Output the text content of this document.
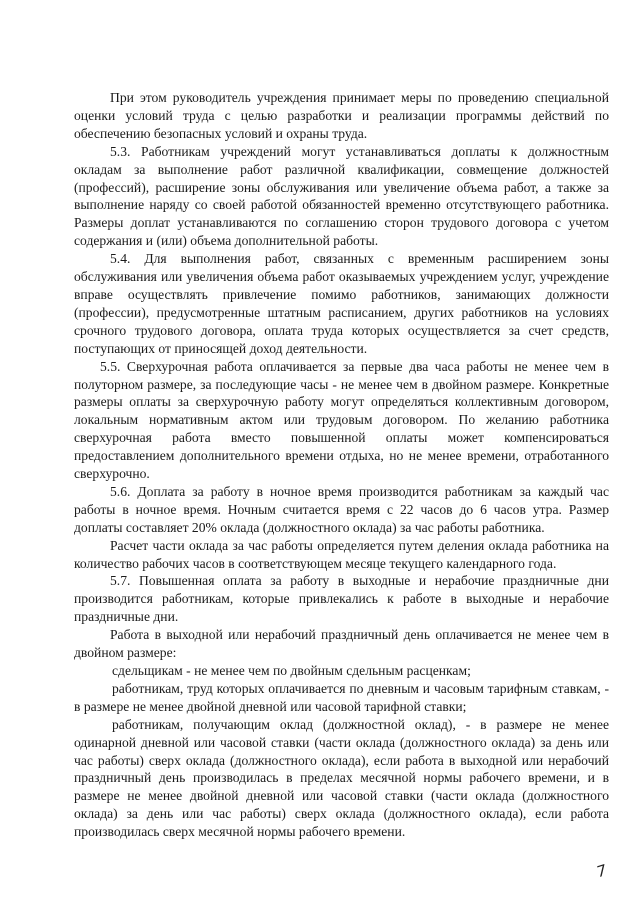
При этом руководитель учреждения принимает меры по проведению специальной оценки условий труда с целью разработки и реализации программы действий по обеспечению безопасных условий и охраны труда.

5.3. Работникам учреждений могут устанавливаться доплаты к должностным окладам за выполнение работ различной квалификации, совмещение должностей (профессий), расширение зоны обслуживания или увеличение объема работ, а также за выполнение наряду со своей работой обязанностей временно отсутствующего работника. Размеры доплат устанавливаются по соглашению сторон трудового договора с учетом содержания и (или) объема дополнительной работы.

5.4. Для выполнения работ, связанных с временным расширением зоны обслуживания или увеличения объема работ оказываемых учреждением услуг, учреждение вправе осуществлять привлечение помимо работников, занимающих должности (профессии), предусмотренные штатным расписанием, других работников на условиях срочного трудового договора, оплата труда которых осуществляется за счет средств, поступающих от приносящей доход деятельности.

5.5. Сверхурочная работа оплачивается за первые два часа работы не менее чем в полуторном размере, за последующие часы - не менее чем в двойном размере. Конкретные размеры оплаты за сверхурочную работу могут определяться коллективным договором, локальным нормативным актом или трудовым договором. По желанию работника сверхурочная работа вместо повышенной оплаты может компенсироваться предоставлением дополнительного времени отдыха, но не менее времени, отработанного сверхурочно.

5.6. Доплата за работу в ночное время производится работникам за каждый час работы в ночное время. Ночным считается время с 22 часов до 6 часов утра. Размер доплаты составляет 20% оклада (должностного оклада) за час работы работника.

Расчет части оклада за час работы определяется путем деления оклада работника на количество рабочих часов в соответствующем месяце текущего календарного года.

5.7. Повышенная оплата за работу в выходные и нерабочие праздничные дни производится работникам, которые привлекались к работе в выходные и нерабочие праздничные дни.

Работа в выходной или нерабочий праздничный день оплачивается не менее чем в двойном размере:

сдельщикам - не менее чем по двойным сдельным расценкам;

работникам, труд которых оплачивается по дневным и часовым тарифным ставкам, - в размере не менее двойной дневной или часовой тарифной ставки;

работникам, получающим оклад (должностной оклад), - в размере не менее одинарной дневной или часовой ставки (части оклада (должностного оклада) за день или час работы) сверх оклада (должностного оклада), если работа в выходной или нерабочий праздничный день производилась в пределах месячной нормы рабочего времени, и в размере не менее двойной дневной или часовой ставки (части оклада (должностного оклада) за день или час работы) сверх оклада (должностного оклада), если работа производилась сверх месячной нормы рабочего времени.

7
